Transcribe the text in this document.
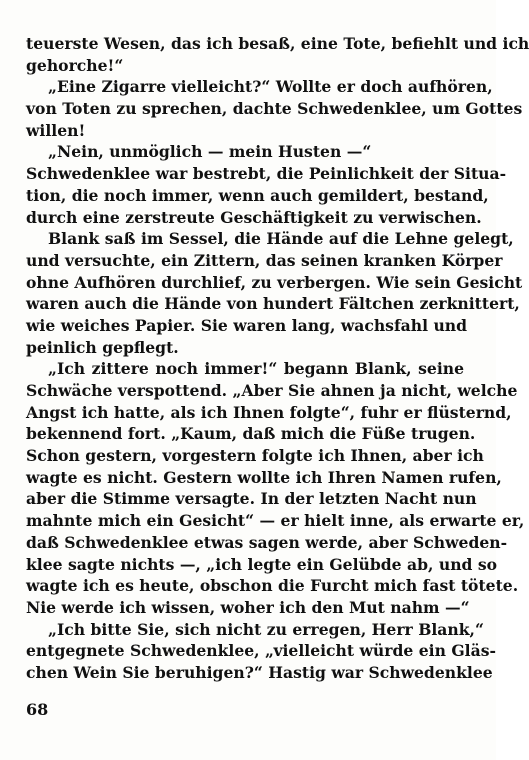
teuerste Wesen, das ich besaß, eine Tote, befiehlt und ich
gehorche!“
„Eine Zigarre vielleicht?“ Wollte er doch aufhören,
von Toten zu sprechen, dachte Schwedenklee, um Gottes
willen!
„Nein, unmöglich — mein Husten —“
Schwedenklee war bestrebt, die Peinlichkeit der Situa-
tion, die noch immer, wenn auch gemildert, bestand,
durch eine zerstreute Geschäftigkeit zu verwischen.
Blank saß im Sessel, die Hände auf die Lehne gelegt,
und versuchte, ein Zittern, das seinen kranken Körper
ohne Aufhören durchlief, zu verbergen. Wie sein Gesicht
waren auch die Hände von hundert Fältchen zerknittert,
wie weiches Papier. Sie waren lang, wachsfahl und
peinlich gepflegt.
„Ich zittere noch immer!“ begann Blank, seine
Schwäche verspottend. „Aber Sie ahnen ja nicht, welche
Angst ich hatte, als ich Ihnen folgte“, fuhr er flüsternd,
bekennend fort. „Kaum, daß mich die Füße trugen.
Schon gestern, vorgestern folgte ich Ihnen, aber ich
wagte es nicht. Gestern wollte ich Ihren Namen rufen,
aber die Stimme versagte. In der letzten Nacht nun
mahnte mich ein Gesicht“ — er hielt inne, als erwarte er,
daß Schwedenklee etwas sagen werde, aber Schweden-
klee sagte nichts —, „ich legte ein Gelübde ab, und so
wagte ich es heute, obschon die Furcht mich fast tötete.
Nie werde ich wissen, woher ich den Mut nahm —“
„Ich bitte Sie, sich nicht zu erregen, Herr Blank,“
entgegnete Schwedenklee, „vielleicht würde ein Gläs-
chen Wein Sie beruhigen?“ Hastig war Schwedenklee
68
